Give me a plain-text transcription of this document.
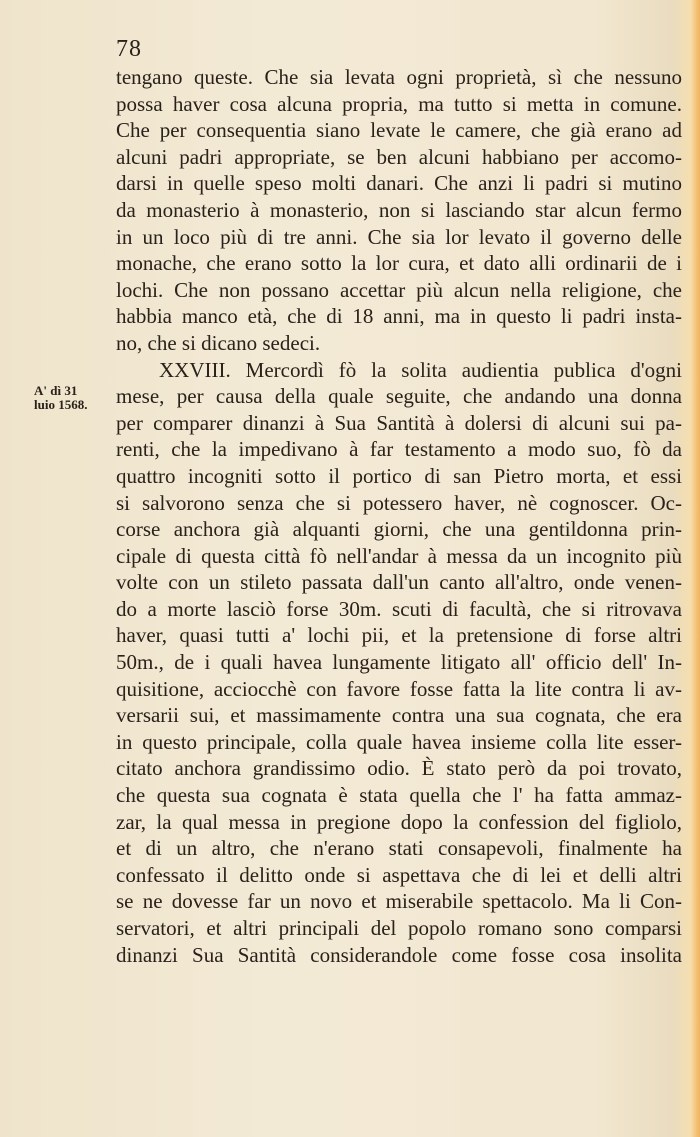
78
A' dì 31
luio 1568.
tengano queste. Che sia levata ogni proprietà, sì che nessuno
possa haver cosa alcuna propria, ma tutto si metta in comune.
Che per consequentia siano levate le camere, che già erano ad
alcuni padri appropriate, se ben alcuni habbiano per accomo-
darsi in quelle speso molti danari. Che anzi li padri si mutino
da monasterio à monasterio, non si lasciando star alcun fermo
in un loco più di tre anni. Che sia lor levato il governo delle
monache, che erano sotto la lor cura, et dato alli ordinarii de i
lochi. Che non possano accettar più alcun nella religione, che
habbia manco età, che di 18 anni, ma in questo li padri insta-
no, che si dicano sedeci.
XXVIII. Mercordì fò la solita audientia publica d'ogni
mese, per causa della quale seguite, che andando una donna
per comparer dinanzi à Sua Santità à dolersi di alcuni sui pa-
renti, che la impedivano à far testamento a modo suo, fò da
quattro incogniti sotto il portico di san Pietro morta, et essi
si salvorono senza che si potessero haver, nè cognoscer. Oc-
corse anchora già alquanti giorni, che una gentildonna prin-
cipale di questa città fò nell'andar à messa da un incognito più
volte con un stileto passata dall'un canto all'altro, onde venen-
do a morte lasciò forse 30m. scuti di facultà, che si ritrovava
haver, quasi tutti a' lochi pii, et la pretensione di forse altri
50m., de i quali havea lungamente litigato all' officio dell' In-
quisitione, acciocchè con favore fosse fatta la lite contra li av-
versarii sui, et massimamente contra una sua cognata, che era
in questo principale, colla quale havea insieme colla lite esser-
citato anchora grandissimo odio. È stato però da poi trovato,
che questa sua cognata è stata quella che l' ha fatta ammaz-
zar, la qual messa in pregione dopo la confession del figliolo,
et di un altro, che n'erano stati consapevoli, finalmente ha
confessato il delitto onde si aspettava che di lei et delli altri
se ne dovesse far un novo et miserabile spettacolo. Ma li Con-
servatori, et altri principali del popolo romano sono comparsi
dinanzi Sua Santità considerandole come fosse cosa insolita
